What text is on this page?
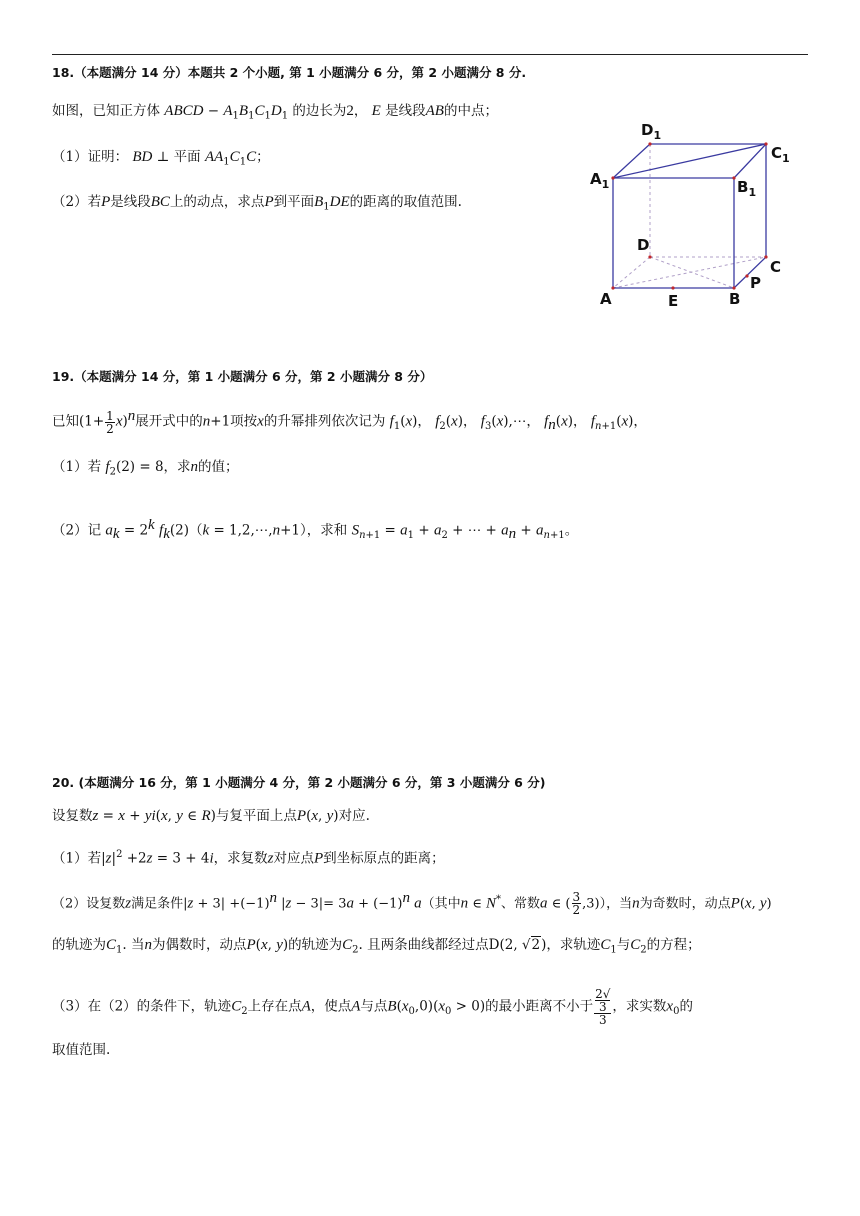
18.（本题满分 14 分）本题共 2 个小题, 第 1 小题满分 6 分，第 2 小题满分 8 分.
如图，已知正方体 ABCD − $A_1B_1C_1D_1$ 的边长为2， E 是线段AB的中点；
（1）证明： BD ⊥ 平面 $AA_1C_1C$；
（2）若P是线段BC上的动点，求点P到平面$B_1DE$的距离的取值范围.
$D_1$
$C_1$
$A_1$	$B_1$
D
C
P
A	E	B
19.（本题满分 14 分，第 1 小题满分 6 分，第 2 小题满分 8 分）
已知$(1+ \frac{1}{2} x)^n$展开式中的n+1项按x的升幂排列依次记为 $f_1(x)$， $f_2(x)$， $f_3(x),\cdots$， $f_n(x)$， $f_{n+1}(x)$，
（1）若 $f_2(2) = 8$，求n的值；
（2）记 $a_k = 2^k$ $f_k(2)(k$ = 1,2,⋯,n+1），求和 $S_{n+1} = a_1 + a_2$ + ⋯ + $a_n + a_{n+1}$。
20. (本题满分 16 分，第 1 小题满分 4 分，第 2 小题满分 6 分，第 3 小题满分 6 分)
设复数z = x + yi(x, y ∈ R)与复平面上点P(x, y)对应.
（1）若$|z|^2 +2z = 3 + 4i$，求复数z对应点P到坐标原点的距离；
（2）设复数z满足条件$|z + 3| +(-1)^n$ $|z - 3|= 3a + (-1)^n$ a（其中n ∈ N*、常数a ∈ ( $\frac{3}{2} ,3$)），当n为奇数时，动点P(x, y)
的轨迹为$C_1$. 当n为偶数时，动点P(x, y)的轨迹为$C_2$. 且两条曲线都经过点D(2, √2)，求轨迹$C_1$与$C_2$的方程；
（3）在（2）的条件下，轨迹$C_2$上存在点A，使点A与点$B(x_0,0)(x_0 > 0)$的最小距离不小于 2√
3
3 ，求实数$x_0$的
取值范围.
